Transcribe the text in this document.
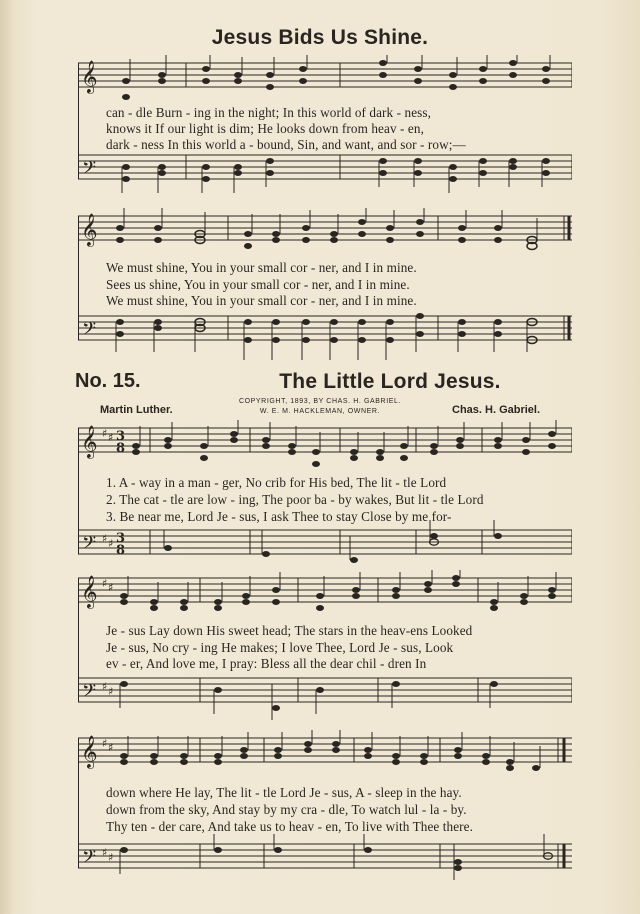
Jesus Bids Us Shine.
𝄞
𝄢
can - dle Burn - ing in the night; In this world of dark - ness,
knows it If our light is dim; He looks down from heav - en,
dark - ness In this world a - bound, Sin, and want, and sor - row;—
𝄞
𝄢
We must shine, You in your small cor - ner, and I in mine.
Sees us shine, You in your small cor - ner, and I in mine.
We must shine, You in your small cor - ner, and I in mine.
No. 15.	The Little Lord Jesus.
COPYRIGHT, 1893, BY CHAS. H. GABRIEL.
W. E. M. HACKLEMAN, OWNER.
Martin Luther.	Chas. H. Gabriel.
𝄞 ♯ ♯ 3
8
𝄢 ♯ ♯ 3
8
1. A - way in a man - ger, No crib for His bed, The lit - tle Lord
2. The cat - tle are low - ing, The poor ba - by wakes, But lit - tle Lord
3. Be near me, Lord Je - sus, I ask Thee to stay Close by me for-
𝄞 ♯ ♯
𝄢 ♯ ♯
Je - sus Lay down His sweet head; The stars in the heav-ens Looked
Je - sus, No cry - ing He makes; I love Thee, Lord Je - sus, Look
ev - er, And love me, I pray: Bless all the dear chil - dren In
𝄞 ♯ ♯
𝄢 ♯ ♯
down where He lay, The lit - tle Lord Je - sus, A - sleep in the hay.
down from the sky, And stay by my cra - dle, To watch lul - la - by.
Thy ten - der care, And take us to heav - en, To live with Thee there.
